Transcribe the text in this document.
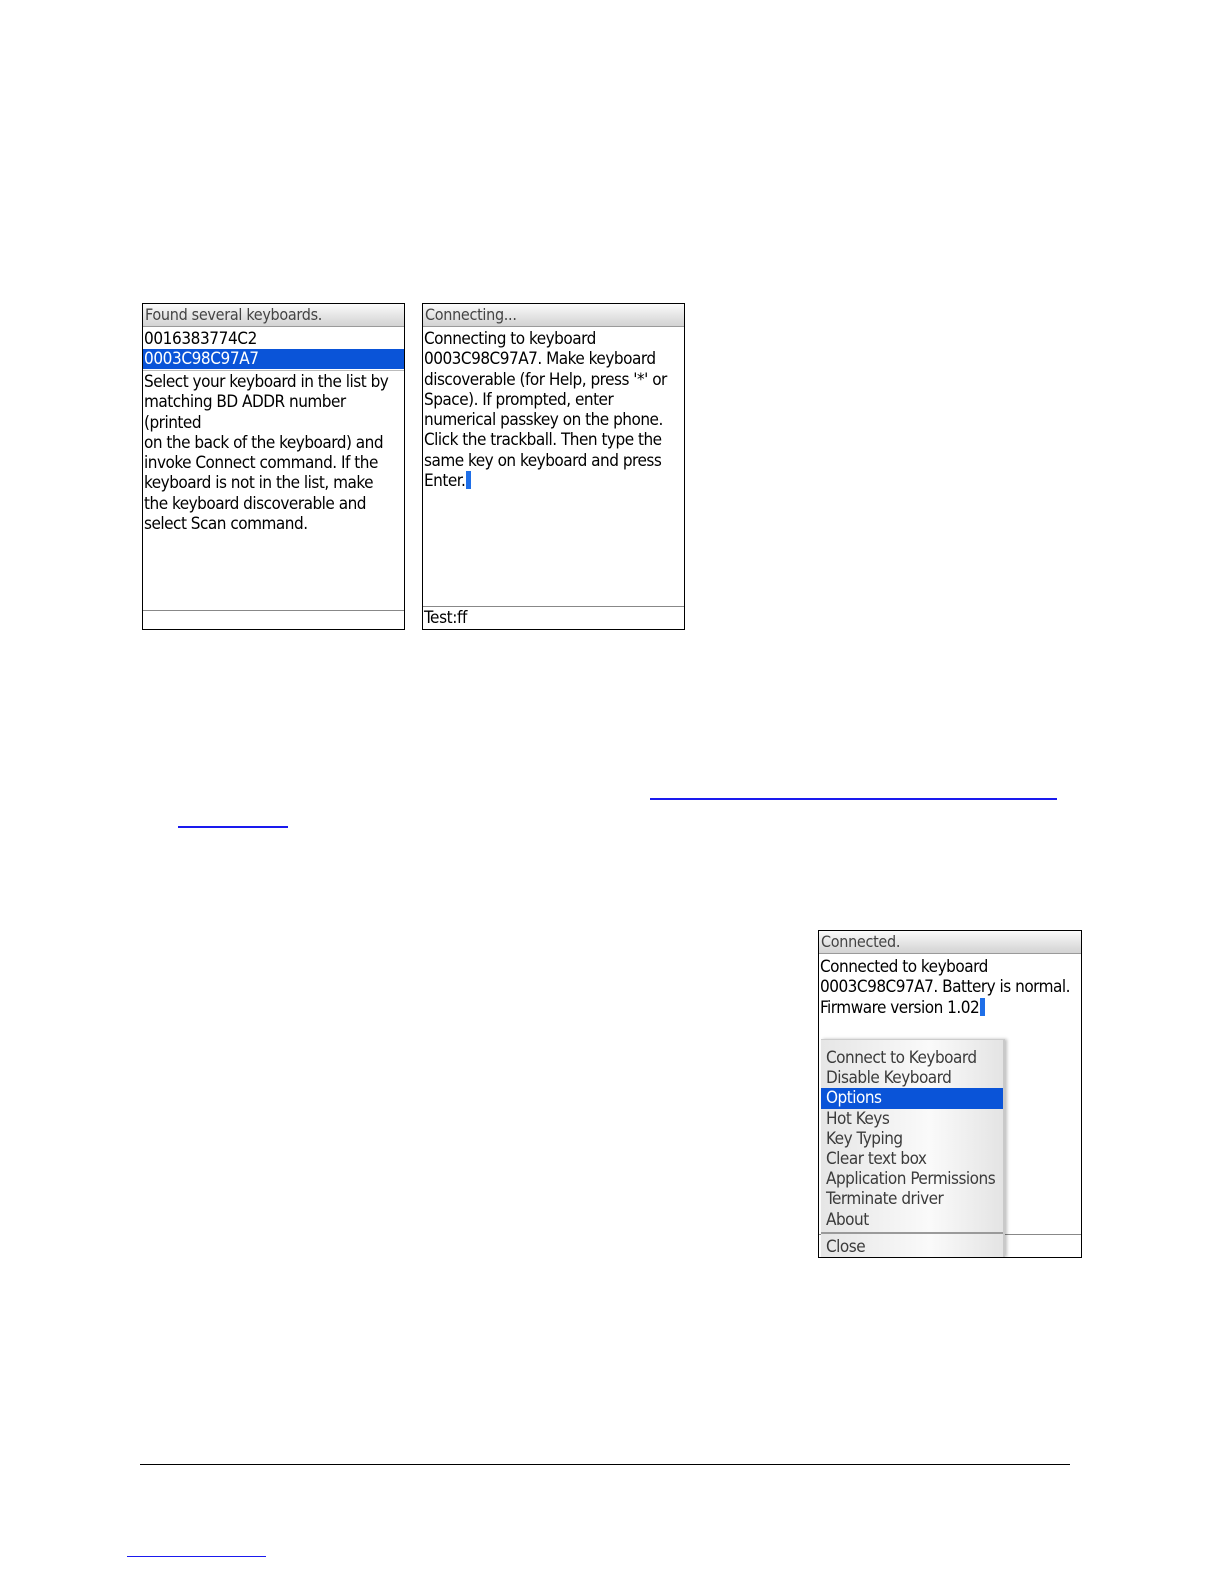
Found several keyboards.
0016383774C2
0003C98C97A7
Select your keyboard in the list by
matching BD ADDR number (printed
on the back of the keyboard) and
invoke Connect command. If the
keyboard is not in the list, make
the keyboard discoverable and
select Scan command.
Connecting...
Connecting to keyboard
0003C98C97A7. Make keyboard
discoverable (for Help, press '*' or
Space). If prompted, enter
numerical passkey on the phone.
Click the trackball. Then type the
same key on keyboard and press
Enter.
Test:ff
Connected.
Connected to keyboard
0003C98C97A7. Battery is normal.
Firmware version 1.02
Connect to Keyboard
Disable Keyboard
Options
Hot Keys
Key Typing
Clear text box
Application Permissions
Terminate driver
About
Close
